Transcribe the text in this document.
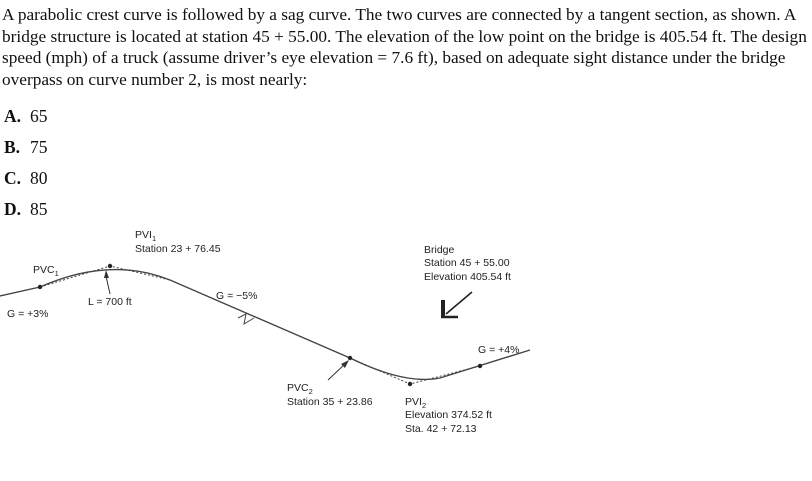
A parabolic crest curve is followed by a sag curve. The two curves are connected by a tangent section, as shown. A bridge structure is located at station 45 + 55.00. The elevation of the low point on the bridge is 405.54 ft. The design speed (mph) of a truck (assume driver’s eye elevation = 7.6 ft), based on adequate sight distance under the bridge overpass on curve number 2, is most nearly:

A. 65
B. 75
C. 80
D. 85
$PVI_1$
Station 23 + 76.45
$PVC_1$
G = +3%
L = 700 ft	G = −5%
Bridge
Station 45 + 55.00
Elevation 405.54 ft
G = +4%
$PVC_2$
Station 35 + 23.86	$PVI_2$
Elevation 374.52 ft
Sta. 42 + 72.13
